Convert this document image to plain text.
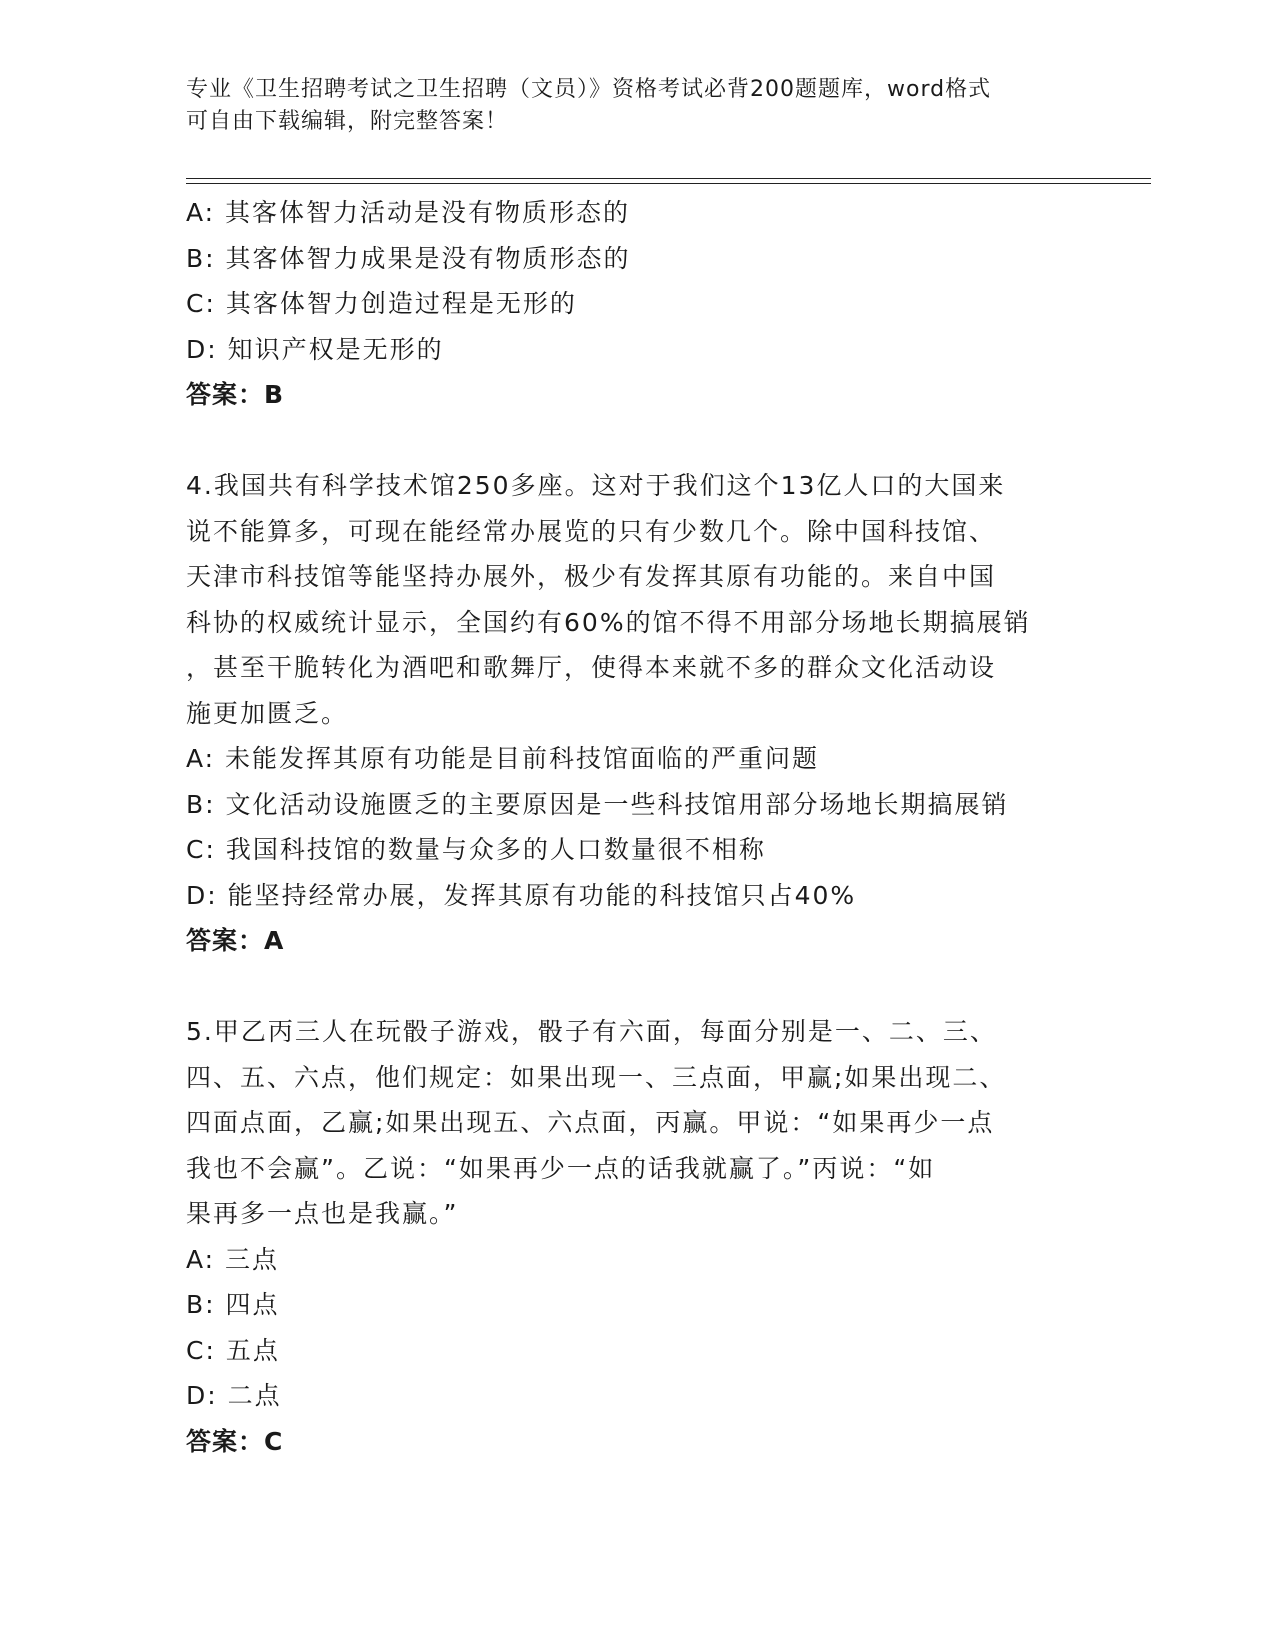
专业《卫生招聘考试之卫生招聘（文员）》资格考试必背200题题库，word格式
可自由下载编辑，附完整答案！
A: 其客体智力活动是没有物质形态的
B: 其客体智力成果是没有物质形态的
C: 其客体智力创造过程是无形的
D: 知识产权是无形的
答案：B
4.我国共有科学技术馆250多座。这对于我们这个13亿人口的大国来
说不能算多，可现在能经常办展览的只有少数几个。除中国科技馆、
天津市科技馆等能坚持办展外，极少有发挥其原有功能的。来自中国
科协的权威统计显示，全国约有60%的馆不得不用部分场地长期搞展销
，甚至干脆转化为酒吧和歌舞厅，使得本来就不多的群众文化活动设
施更加匮乏。
A: 未能发挥其原有功能是目前科技馆面临的严重问题
B: 文化活动设施匮乏的主要原因是一些科技馆用部分场地长期搞展销
C: 我国科技馆的数量与众多的人口数量很不相称
D: 能坚持经常办展，发挥其原有功能的科技馆只占40%
答案：A
5.甲乙丙三人在玩骰子游戏，骰子有六面，每面分别是一、二、三、
四、五、六点，他们规定：如果出现一、三点面，甲赢;如果出现二、
四面点面，乙赢;如果出现五、六点面，丙赢。甲说：“如果再少一点
我也不会赢”。乙说：“如果再少一点的话我就赢了。”丙说：“如
果再多一点也是我赢。”
A: 三点
B: 四点
C: 五点
D: 二点
答案：C
